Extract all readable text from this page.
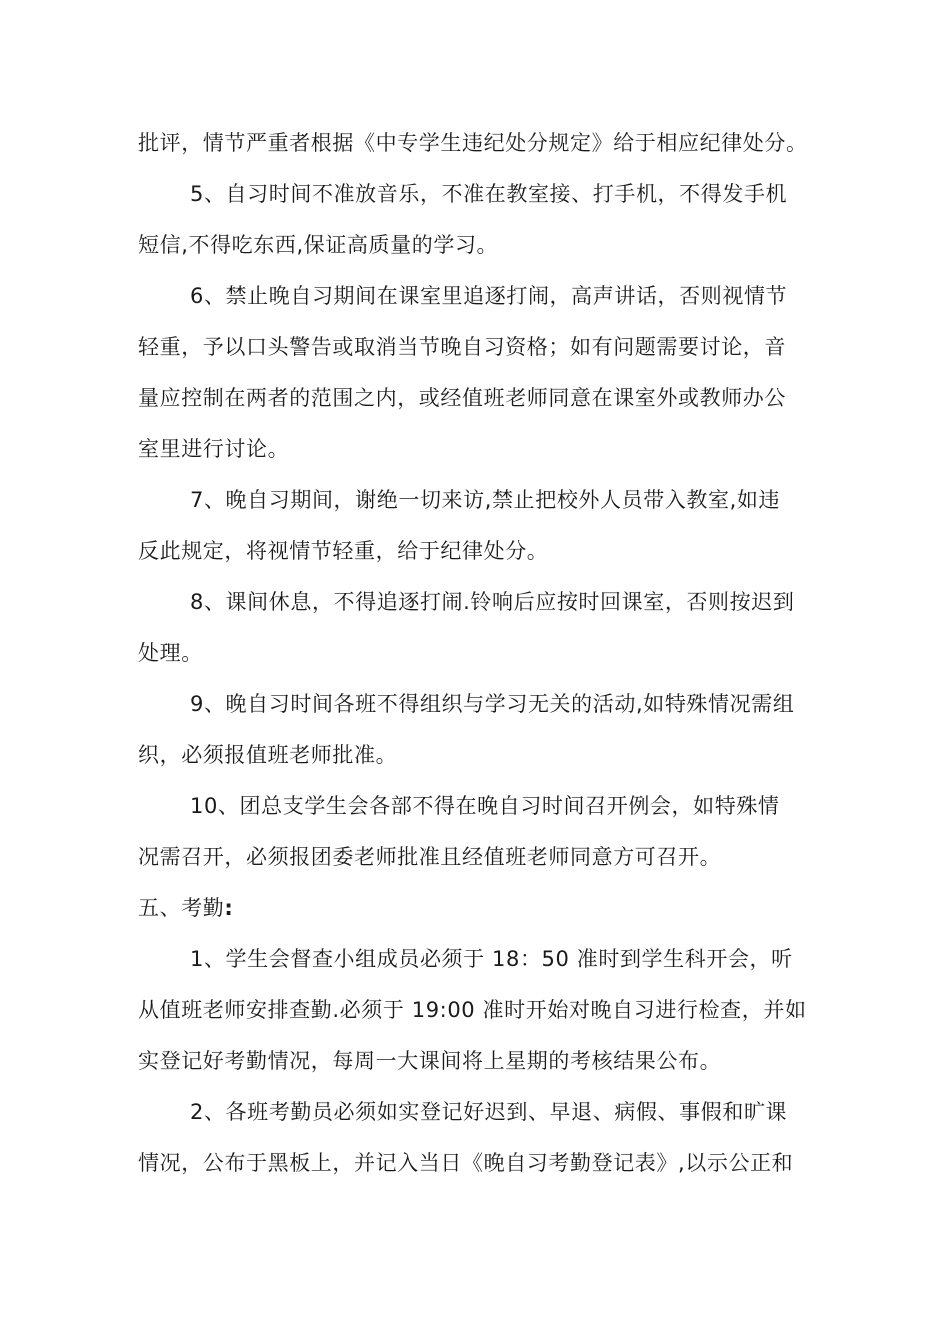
批评，情节严重者根据《中专学生违纪处分规定》给于相应纪律处分。
5、自习时间不准放音乐，不准在教室接、打手机，不得发手机
短信,不得吃东西,保证高质量的学习。
6、禁止晚自习期间在课室里追逐打闹，高声讲话，否则视情节
轻重，予以口头警告或取消当节晚自习资格；如有问题需要讨论，音
量应控制在两者的范围之内，或经值班老师同意在课室外或教师办公
室里进行讨论。
7、晚自习期间，谢绝一切来访,禁止把校外人员带入教室,如违
反此规定，将视情节轻重，给于纪律处分。
8、课间休息，不得追逐打闹.铃响后应按时回课室，否则按迟到
处理。
9、晚自习时间各班不得组织与学习无关的活动,如特殊情况需组
织，必须报值班老师批准。
10、团总支学生会各部不得在晚自习时间召开例会，如特殊情
况需召开，必须报团委老师批准且经值班老师同意方可召开。
五、考勤:
1、学生会督查小组成员必须于 18：50 准时到学生科开会，听
从值班老师安排查勤.必须于 19:00 准时开始对晚自习进行检查，并如
实登记好考勤情况，每周一大课间将上星期的考核结果公布。
2、各班考勤员必须如实登记好迟到、早退、病假、事假和旷课
情况，公布于黑板上，并记入当日《晚自习考勤登记表》,以示公正和
